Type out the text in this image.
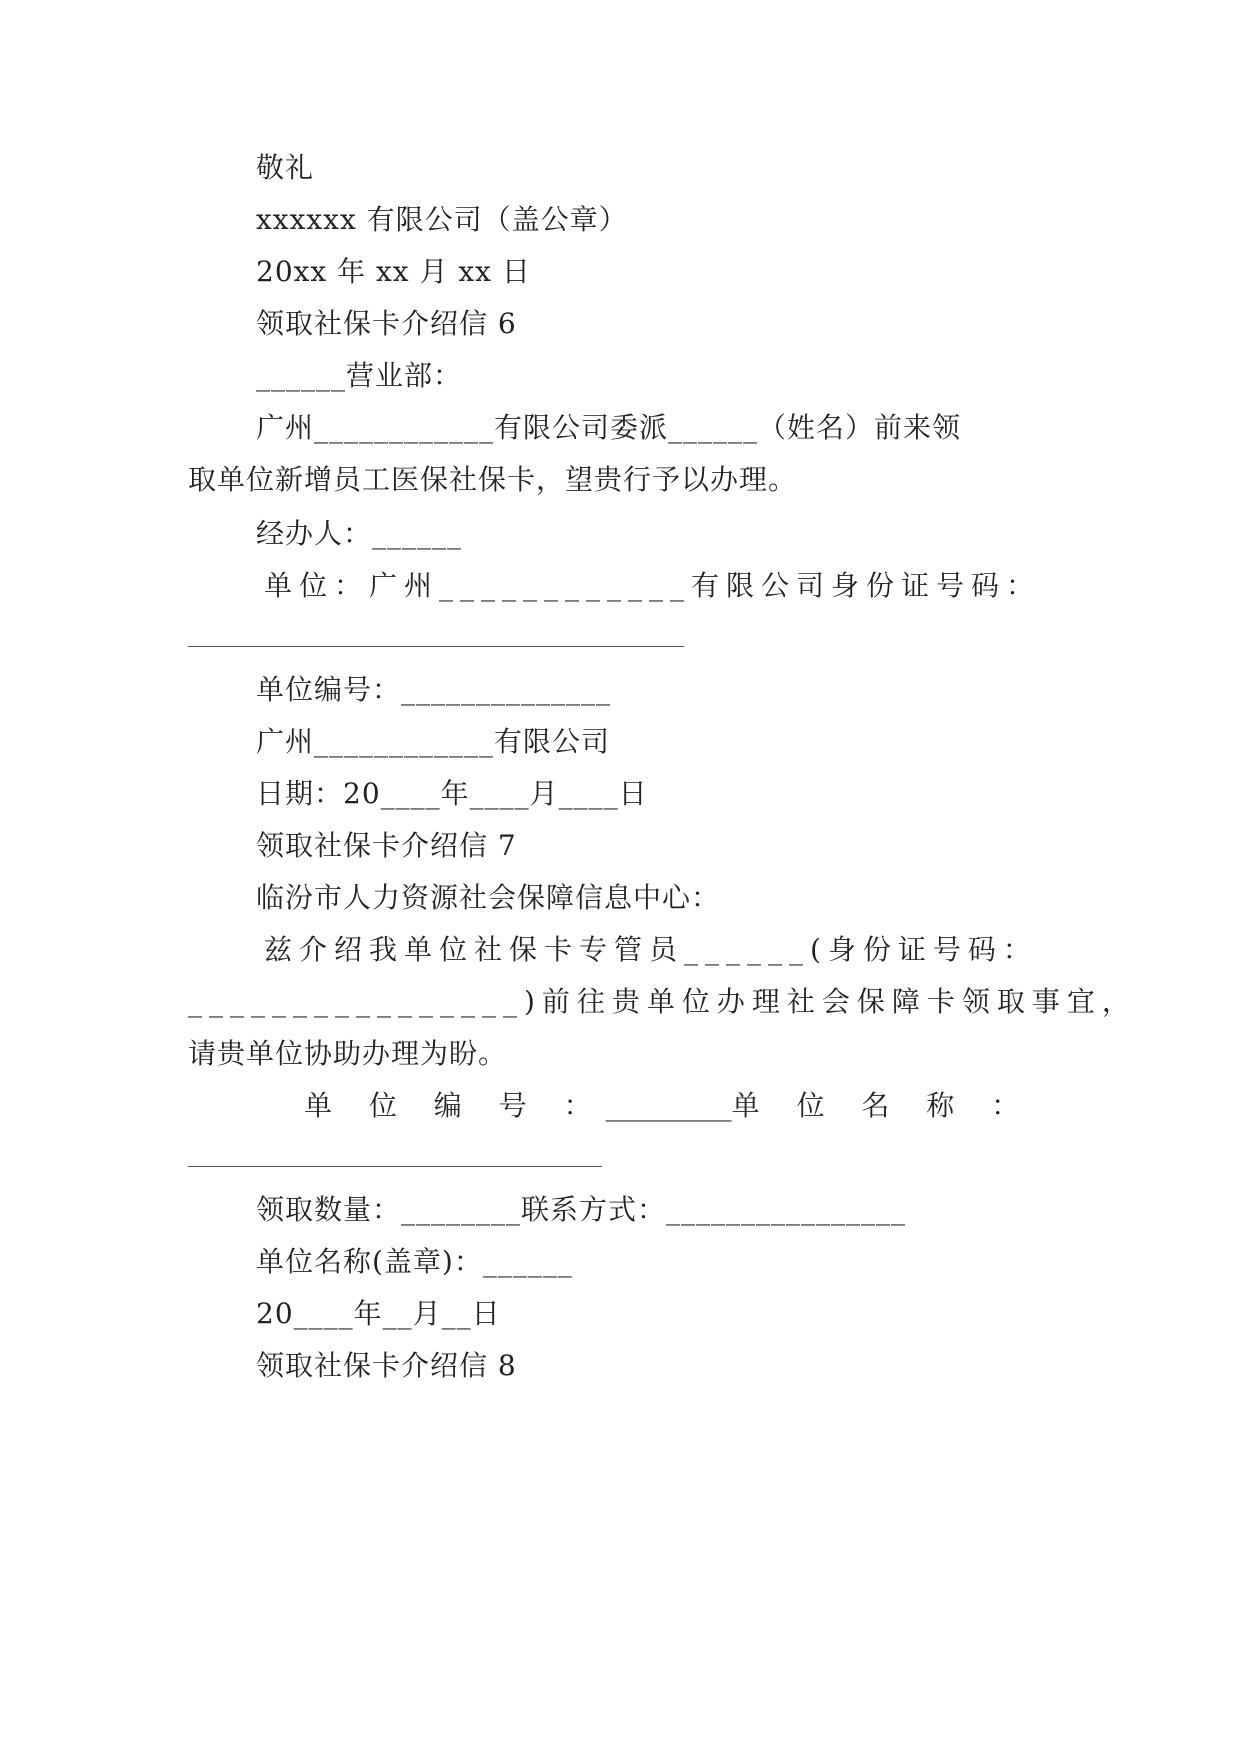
敬礼
xxxxxx 有限公司（盖公章）
20xx 年 xx 月 xx 日
领取社保卡介绍信 6
______营业部：
广州____________有限公司委派______（姓名）前来领
取单位新增员工医保社保卡，望贵行予以办理。
经办人：______
单位：广州____________有限公司身份证号码：
单位编号：______________
广州____________有限公司
日期：20____年____月____日
领取社保卡介绍信 7
临汾市人力资源社会保障信息中心：
兹介绍我单位社保卡专管员______(身份证号码：
________________)前往贵单位办理社会保障卡领取事宜，
请贵单位协助办理为盼。
单 位 编 号 ： _________ 单 位 名 称 ：
领取数量：________联系方式：________________
单位名称(盖章)：______
20____年__月__日
领取社保卡介绍信 8
